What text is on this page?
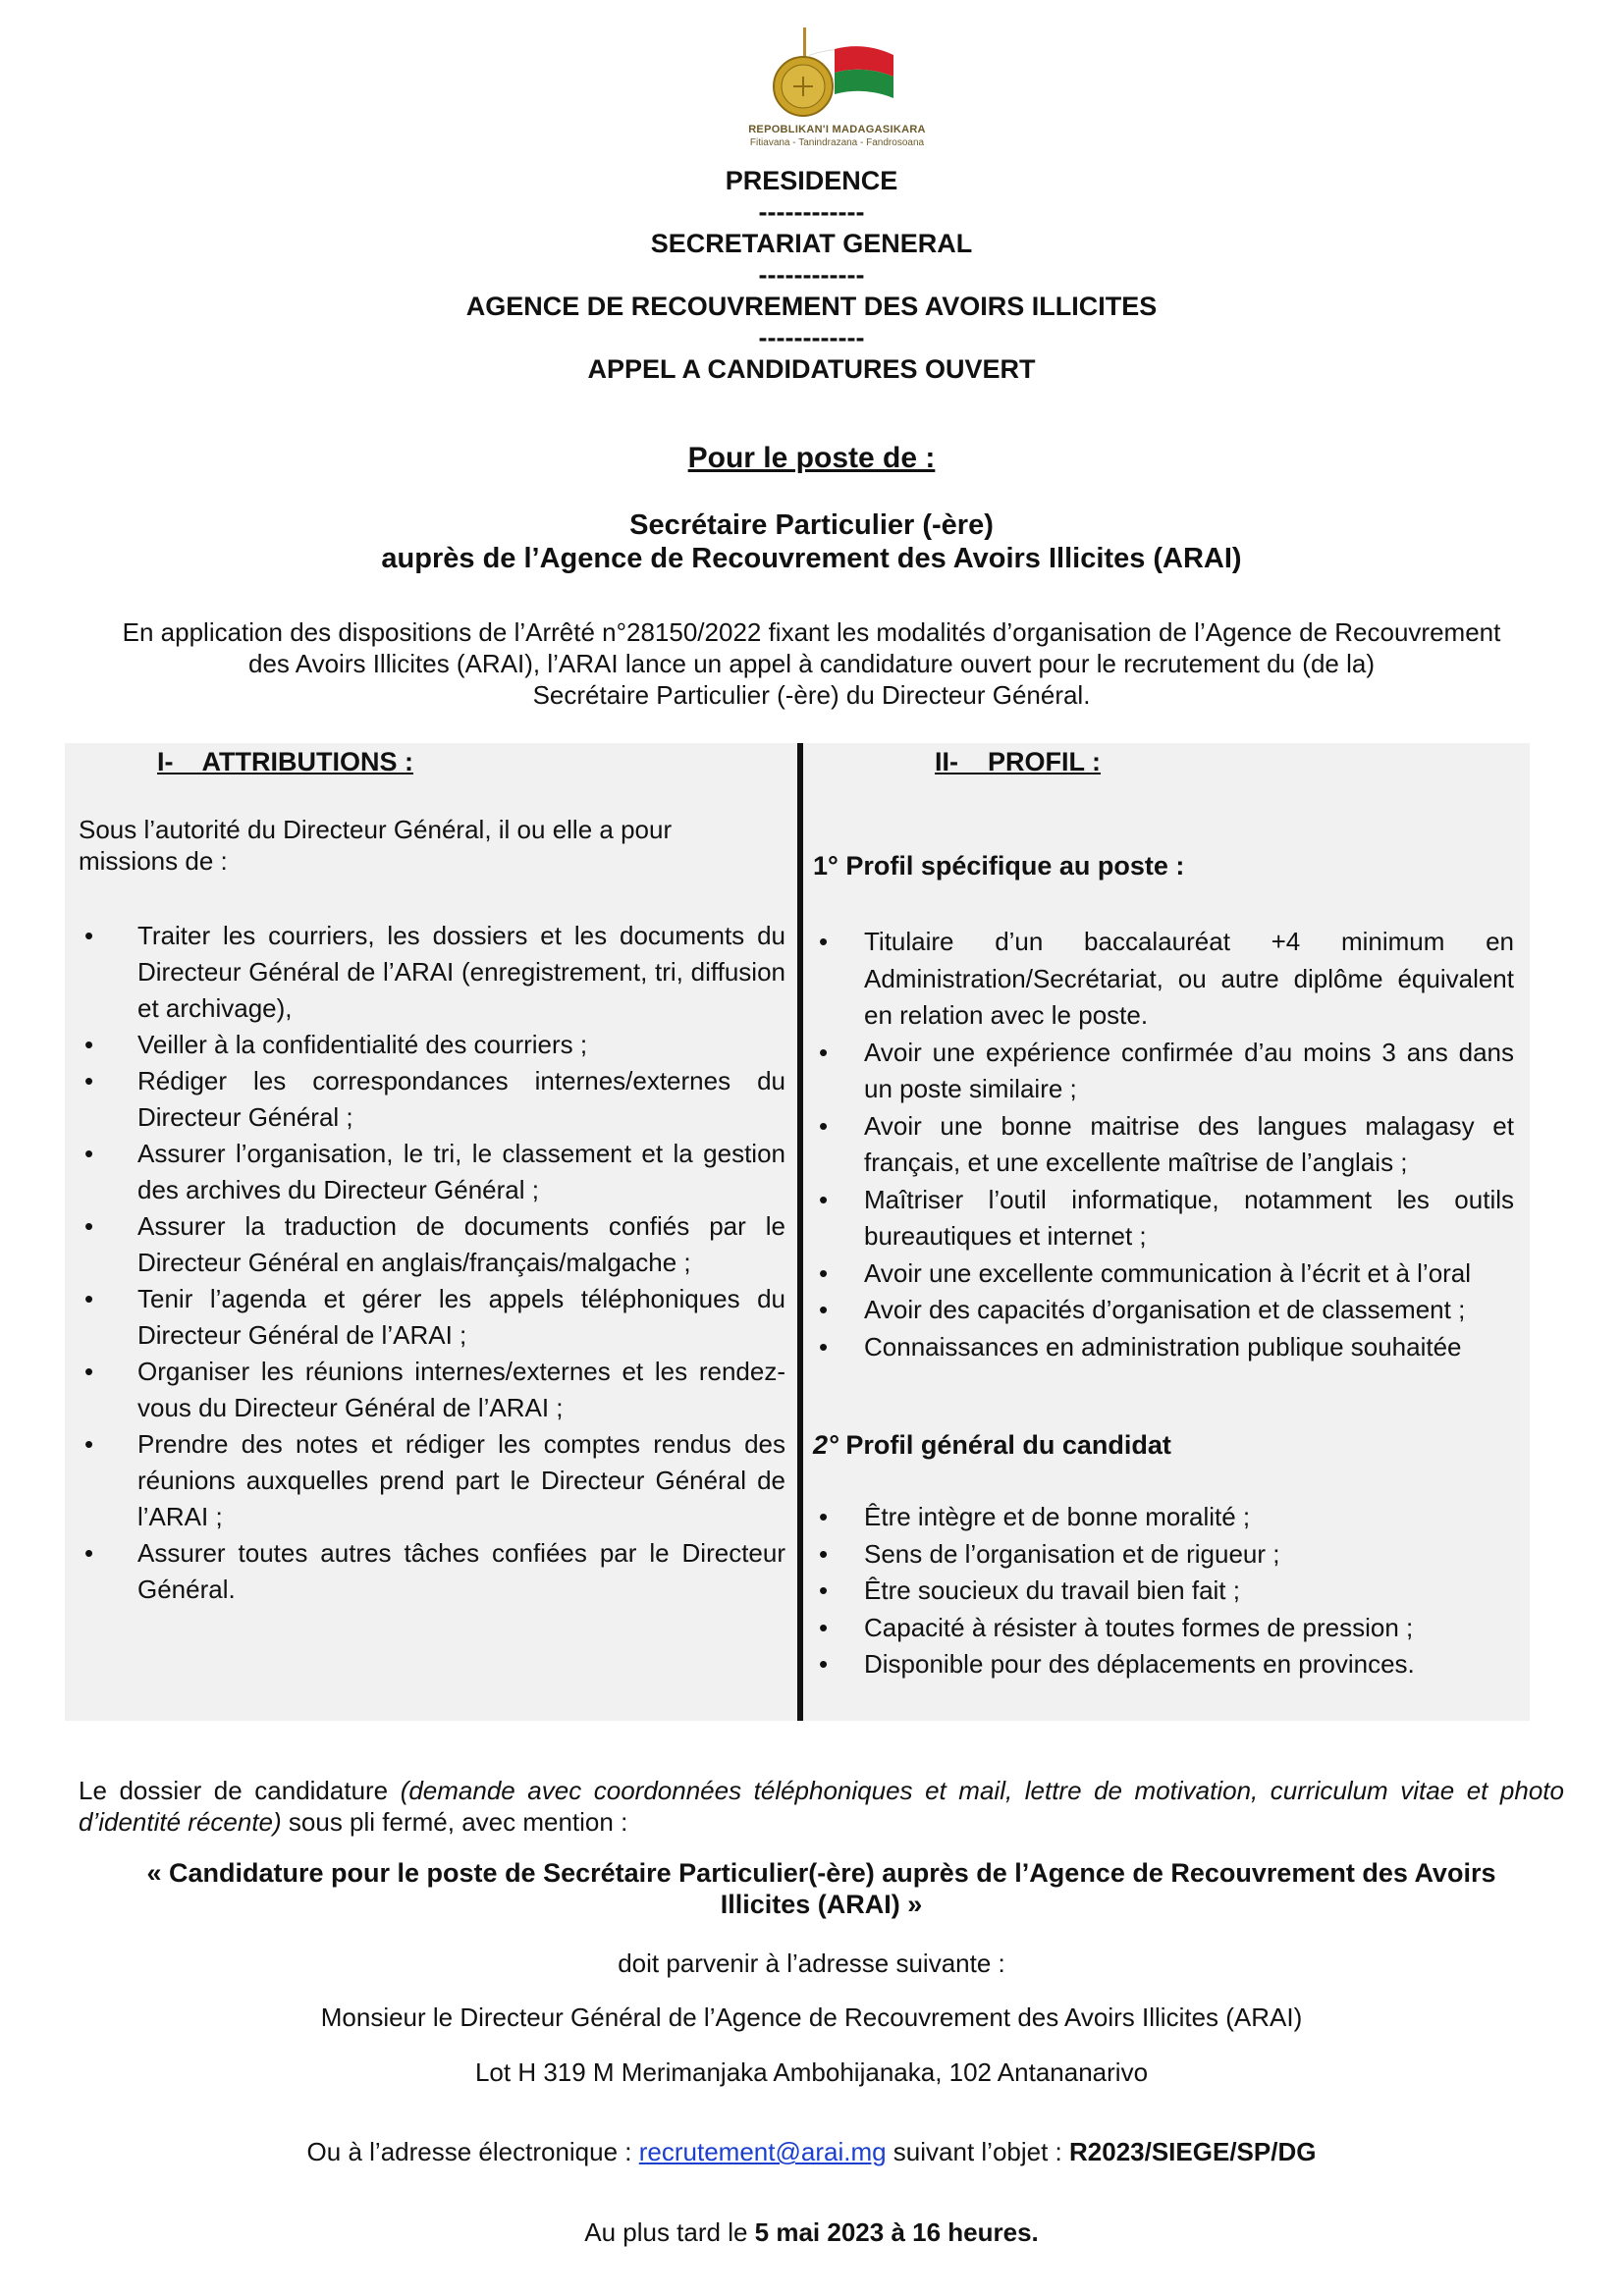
REPOBLIKAN'I MADAGASIKARA
Fitiavana - Tanindrazana - Fandrosoana
PRESIDENCE
------------
SECRETARIAT GENERAL
------------
AGENCE DE RECOUVREMENT DES AVOIRS ILLICITES
------------
APPEL A CANDIDATURES OUVERT
Pour le poste de :
Secrétaire Particulier (-ère)
auprès de l’Agence de Recouvrement des Avoirs Illicites (ARAI)
En application des dispositions de l’Arrêté n°28150/2022 fixant les modalités d’organisation de l’Agence de Recouvrement
des Avoirs Illicites (ARAI), l’ARAI lance un appel à candidature ouvert pour le recrutement du (de la)
Secrétaire Particulier (-ère) du Directeur Général.
I-    ATTRIBUTIONS :
Sous l’autorité du Directeur Général, il ou elle a pour missions de :
• Traiter les courriers, les dossiers et les documents du Directeur Général de l’ARAI (enregistrement, tri, diffusion et archivage),
• Veiller à la confidentialité des courriers ;
• Rédiger les correspondances internes/externes du Directeur Général ;
• Assurer l’organisation, le tri, le classement et la gestion des archives du Directeur Général ;
• Assurer la traduction de documents confiés par le Directeur Général en anglais/français/malgache ;
• Tenir l’agenda et gérer les appels téléphoniques du Directeur Général de l’ARAI ;
• Organiser les réunions internes/externes et les rendez-vous du Directeur Général de l’ARAI ;
• Prendre des notes et rédiger les comptes rendus des réunions auxquelles prend part le Directeur Général de l’ARAI ;
• Assurer toutes autres tâches confiées par le Directeur Général.
II-    PROFIL :
1° Profil spécifique au poste :
• Titulaire d’un baccalauréat +4 minimum en Administration/Secrétariat, ou autre diplôme équivalent en relation avec le poste.
• Avoir une expérience confirmée d’au moins 3 ans dans un poste similaire ;
• Avoir une bonne maitrise des langues malagasy et français, et une excellente maîtrise de l’anglais ;
• Maîtriser l’outil informatique, notamment les outils bureautiques et internet ;
• Avoir une excellente communication à l’écrit et à l’oral
• Avoir des capacités d’organisation et de classement ;
• Connaissances en administration publique souhaitée
2° Profil général du candidat
• Être intègre et de bonne moralité ;
• Sens de l’organisation et de rigueur ;
• Être soucieux du travail bien fait ;
• Capacité à résister à toutes formes de pression ;
• Disponible pour des déplacements en provinces.
Le dossier de candidature (demande avec coordonnées téléphoniques et mail, lettre de motivation, curriculum vitae et photo d’identité récente) sous pli fermé, avec mention :
« Candidature pour le poste de Secrétaire Particulier(-ère) auprès de l’Agence de Recouvrement des Avoirs
Illicites (ARAI) »
doit parvenir à l’adresse suivante :
Monsieur le Directeur Général de l’Agence de Recouvrement des Avoirs Illicites (ARAI)
Lot H 319 M Merimanjaka Ambohijanaka, 102 Antananarivo
Ou à l’adresse électronique : recrutement@arai.mg suivant l’objet : R2023/SIEGE/SP/DG
Au plus tard le 5 mai 2023 à 16 heures.
